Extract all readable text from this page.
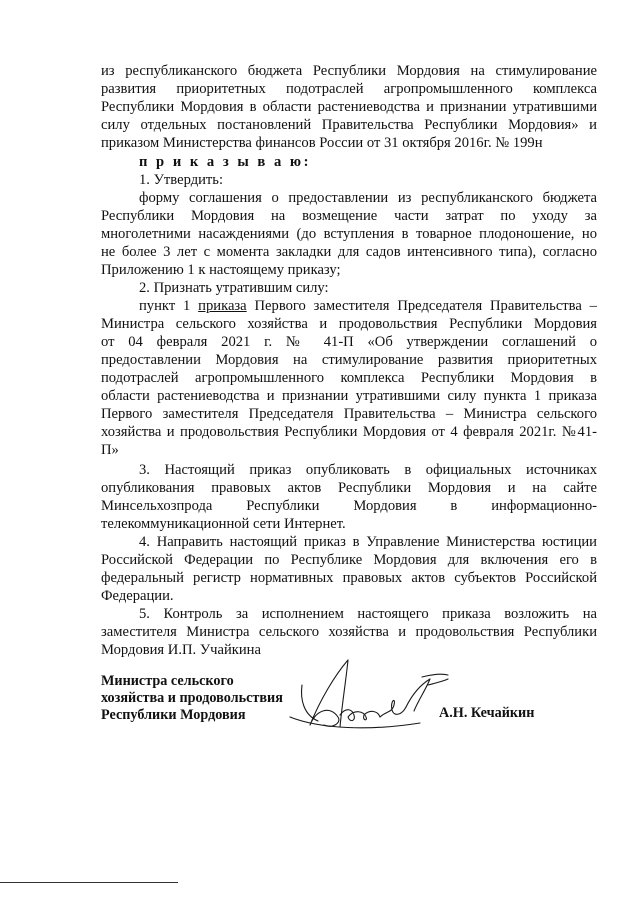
из республиканского бюджета Республики Мордовия на стимулирование
развития приоритетных подотраслей агропромышленного комплекса
Республики Мордовия в области растениеводства и признании утратившими
силу отдельных постановлений Правительства Республики Мордовия» и
приказом Министерства финансов России от 31 октября 2016г. № 199н
п р и к а з ы в а ю:
1. Утвердить:
форму соглашения о предоставлении из республиканского бюджета
Республики Мордовия на возмещение части затрат по уходу за
многолетними насаждениями (до вступления в товарное плодоношение, но
не более 3 лет с момента закладки для садов интенсивного типа), согласно
Приложению 1 к настоящему приказу;
2. Признать утратившим силу:
пункт 1 приказа Первого заместителя Председателя Правительства –
Министра сельского хозяйства и продовольствия Республики Мордовия
от 04 февраля 2021 г. № 41-П «Об утверждении соглашений о
предоставлении Мордовия на стимулирование развития приоритетных
подотраслей агропромышленного комплекса Республики Мордовия в
области растениеводства и признании утратившими силу пункта 1 приказа
Первого заместителя Председателя Правительства – Министра сельского
хозяйства и продовольствия Республики Мордовия от 4 февраля 2021г. №41-
П»
3. Настоящий приказ опубликовать в официальных источниках
опубликования правовых актов Республики Мордовия и на сайте
Минсельхозпрода Республики Мордовия в информационно-
телекоммуникационной сети Интернет.
4. Направить настоящий приказ в Управление Министерства юстиции
Российской Федерации по Республике Мордовия для включения его в
федеральный регистр нормативных правовых актов субъектов Российской
Федерации.
5. Контроль за исполнением настоящего приказа возложить на
заместителя Министра сельского хозяйства и продовольствия Республики
Мордовия И.П. Учайкина
Министра сельского
хозяйства и продовольствия
Республики Мордовия	А.Н. Кечайкин
